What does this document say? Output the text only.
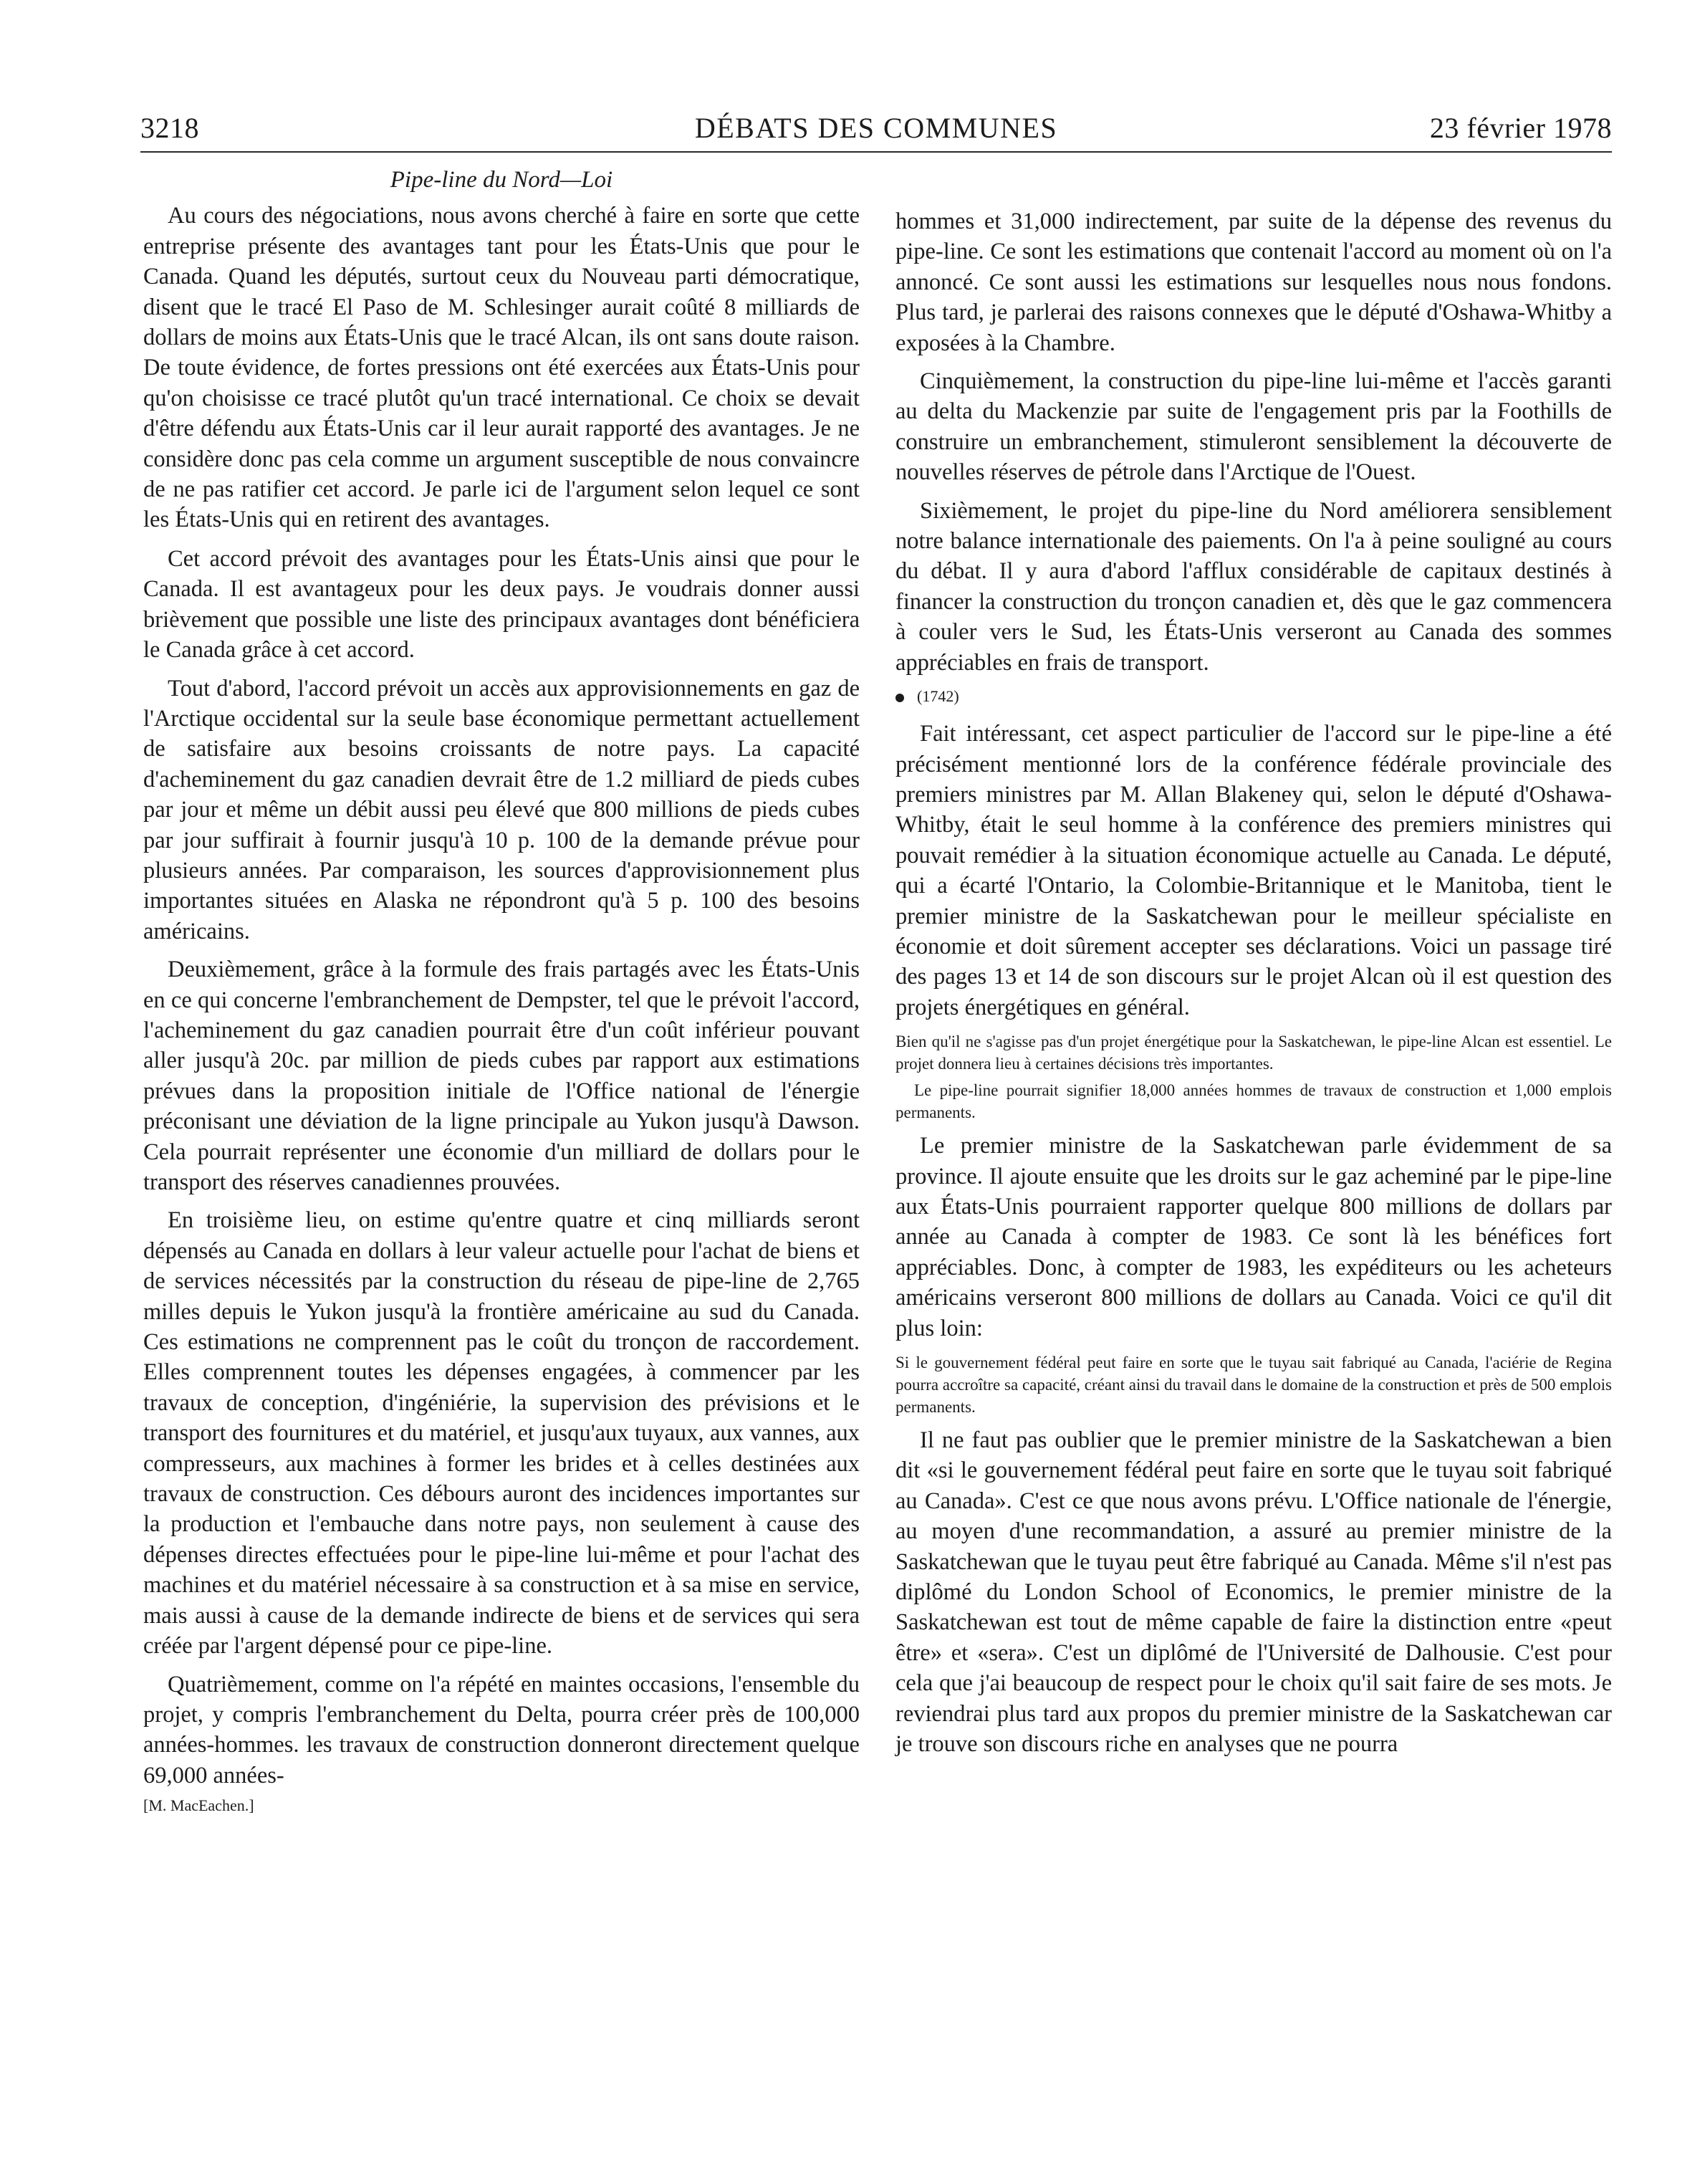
3218	DÉBATS DES COMMUNES	23 février 1978
Pipe-line du Nord—Loi

Au cours des négociations, nous avons cherché à faire en sorte que cette entreprise présente des avantages tant pour les États-Unis que pour le Canada. Quand les députés, surtout ceux du Nouveau parti démocratique, disent que le tracé El Paso de M. Schlesinger aurait coûté 8 milliards de dollars de moins aux États-Unis que le tracé Alcan, ils ont sans doute raison. De toute évidence, de fortes pressions ont été exercées aux États-Unis pour qu'on choisisse ce tracé plutôt qu'un tracé international. Ce choix se devait d'être défendu aux États-Unis car il leur aurait rapporté des avantages. Je ne considère donc pas cela comme un argument susceptible de nous convaincre de ne pas ratifier cet accord. Je parle ici de l'argument selon lequel ce sont les États-Unis qui en retirent des avantages.

Cet accord prévoit des avantages pour les États-Unis ainsi que pour le Canada. Il est avantageux pour les deux pays. Je voudrais donner aussi brièvement que possible une liste des principaux avantages dont bénéficiera le Canada grâce à cet accord.

Tout d'abord, l'accord prévoit un accès aux approvisionnements en gaz de l'Arctique occidental sur la seule base économique permettant actuellement de satisfaire aux besoins croissants de notre pays. La capacité d'acheminement du gaz canadien devrait être de 1.2 milliard de pieds cubes par jour et même un débit aussi peu élevé que 800 millions de pieds cubes par jour suffirait à fournir jusqu'à 10 p. 100 de la demande prévue pour plusieurs années. Par comparaison, les sources d'approvisionnement plus importantes situées en Alaska ne répondront qu'à 5 p. 100 des besoins américains.

Deuxièmement, grâce à la formule des frais partagés avec les États-Unis en ce qui concerne l'embranchement de Dempster, tel que le prévoit l'accord, l'acheminement du gaz canadien pourrait être d'un coût inférieur pouvant aller jusqu'à 20c. par million de pieds cubes par rapport aux estimations prévues dans la proposition initiale de l'Office national de l'énergie préconisant une déviation de la ligne principale au Yukon jusqu'à Dawson. Cela pourrait représenter une économie d'un milliard de dollars pour le transport des réserves canadiennes prouvées.

En troisième lieu, on estime qu'entre quatre et cinq milliards seront dépensés au Canada en dollars à leur valeur actuelle pour l'achat de biens et de services nécessités par la construction du réseau de pipe-line de 2,765 milles depuis le Yukon jusqu'à la frontière américaine au sud du Canada. Ces estimations ne comprennent pas le coût du tronçon de raccordement. Elles comprennent toutes les dépenses engagées, à commencer par les travaux de conception, d'ingéniérie, la supervision des prévisions et le transport des fournitures et du matériel, et jusqu'aux tuyaux, aux vannes, aux compresseurs, aux machines à former les brides et à celles destinées aux travaux de construction. Ces débours auront des incidences importantes sur la production et l'embauche dans notre pays, non seulement à cause des dépenses directes effectuées pour le pipe-line lui-même et pour l'achat des machines et du matériel nécessaire à sa construction et à sa mise en service, mais aussi à cause de la demande indirecte de biens et de services qui sera créée par l'argent dépensé pour ce pipe-line.

Quatrièmement, comme on l'a répété en maintes occasions, l'ensemble du projet, y compris l'embranchement du Delta, pourra créer près de 100,000 années-hommes. les travaux de construction donneront directement quelque 69,000 années-

[M. MacEachen.]

hommes et 31,000 indirectement, par suite de la dépense des revenus du pipe-line. Ce sont les estimations que contenait l'accord au moment où on l'a annoncé. Ce sont aussi les estimations sur lesquelles nous nous fondons. Plus tard, je parlerai des raisons connexes que le député d'Oshawa-Whitby a exposées à la Chambre.

Cinquièmement, la construction du pipe-line lui-même et l'accès garanti au delta du Mackenzie par suite de l'engagement pris par la Foothills de construire un embranchement, stimuleront sensiblement la découverte de nouvelles réserves de pétrole dans l'Arctique de l'Ouest.

Sixièmement, le projet du pipe-line du Nord améliorera sensiblement notre balance internationale des paiements. On l'a à peine souligné au cours du débat. Il y aura d'abord l'afflux considérable de capitaux destinés à financer la construction du tronçon canadien et, dès que le gaz commencera à couler vers le Sud, les États-Unis verseront au Canada des sommes appréciables en frais de transport.

(1742)

Fait intéressant, cet aspect particulier de l'accord sur le pipe-line a été précisément mentionné lors de la conférence fédérale provinciale des premiers ministres par M. Allan Blakeney qui, selon le député d'Oshawa-Whitby, était le seul homme à la conférence des premiers ministres qui pouvait remédier à la situation économique actuelle au Canada. Le député, qui a écarté l'Ontario, la Colombie-Britannique et le Manitoba, tient le premier ministre de la Saskatchewan pour le meilleur spécialiste en économie et doit sûrement accepter ses déclarations. Voici un passage tiré des pages 13 et 14 de son discours sur le projet Alcan où il est question des projets énergétiques en général.

Bien qu'il ne s'agisse pas d'un projet énergétique pour la Saskatchewan, le pipe-line Alcan est essentiel. Le projet donnera lieu à certaines décisions très importantes.

Le pipe-line pourrait signifier 18,000 années hommes de travaux de construction et 1,000 emplois permanents.

Le premier ministre de la Saskatchewan parle évidemment de sa province. Il ajoute ensuite que les droits sur le gaz acheminé par le pipe-line aux États-Unis pourraient rapporter quelque 800 millions de dollars par année au Canada à compter de 1983. Ce sont là les bénéfices fort appréciables. Donc, à compter de 1983, les expéditeurs ou les acheteurs américains verseront 800 millions de dollars au Canada. Voici ce qu'il dit plus loin:

Si le gouvernement fédéral peut faire en sorte que le tuyau sait fabriqué au Canada, l'aciérie de Regina pourra accroître sa capacité, créant ainsi du travail dans le domaine de la construction et près de 500 emplois permanents.

Il ne faut pas oublier que le premier ministre de la Saskatchewan a bien dit «si le gouvernement fédéral peut faire en sorte que le tuyau soit fabriqué au Canada». C'est ce que nous avons prévu. L'Office nationale de l'énergie, au moyen d'une recommandation, a assuré au premier ministre de la Saskatchewan que le tuyau peut être fabriqué au Canada. Même s'il n'est pas diplômé du London School of Economics, le premier ministre de la Saskatchewan est tout de même capable de faire la distinction entre «peut être» et «sera». C'est un diplômé de l'Université de Dalhousie. C'est pour cela que j'ai beaucoup de respect pour le choix qu'il sait faire de ses mots. Je reviendrai plus tard aux propos du premier ministre de la Saskatchewan car je trouve son discours riche en analyses que ne pourra
